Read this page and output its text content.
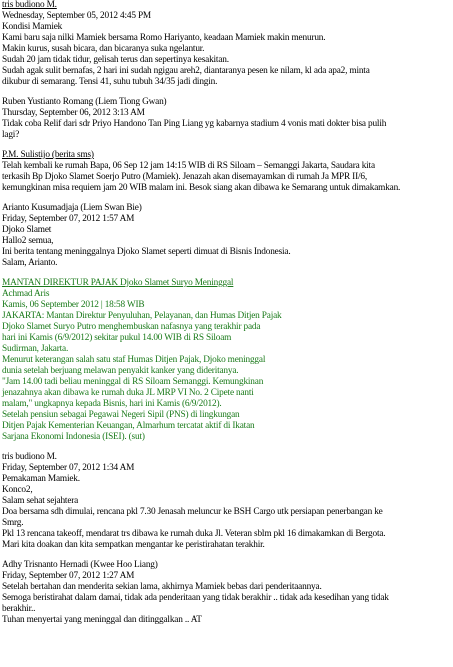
tris budiono M.
Wednesday, September 05, 2012 4:45 PM
Kondisi Mamiek
Kami baru saja nilki Mamiek bersama Romo Hariyanto, keadaan Mamiek makin menurun.
Makin kurus, susah bicara, dan bicaranya suka ngelantur.
Sudah 20 jam tidak tidur, gelisah terus dan sepertinya kesakitan.
Sudah agak sulit bernafas, 2 hari ini sudah ngigau areh2, diantaranya pesen ke nilam, kl ada apa2, minta
dikubur di semarang. Tensi 41, suhu tubuh 34/35 jadi dingin.
Ruben Yustianto Romang (Liem Tiong Gwan)
Thursday, September 06, 2012 3:13 AM
Tidak coba Relif dari sdr Priyo Handono Tan Ping Liang yg kabarnya stadium 4 vonis mati dokter bisa pulih
lagi?
P.M. Sulistijo (berita sms)
Telah kembali ke rumah Bapa, 06 Sep 12 jam 14:15 WIB di RS Siloam – Semanggi Jakarta, Saudara kita
terkasih Bp Djoko Slamet Soerjo Putro (Mamiek). Jenazah akan disemayamkan di rumah Ja MPR II/6,
kemungkinan misa requiem jam 20 WIB malam ini. Besok siang akan dibawa ke Semarang untuk dimakamkan.
Arianto Kusumadjaja (Liem Swan Bie)
Friday, September 07, 2012 1:57 AM
Djoko Slamet
Hallo2 semua,
Ini berita tentang meninggalnya Djoko Slamet seperti dimuat di Bisnis Indonesia.
Salam, Arianto.
MANTAN DIREKTUR PAJAK Djoko Slamet Suryo Meninggal
Achmad Aris
Kamis, 06 September 2012 | 18:58 WIB
JAKARTA: Mantan Direktur Penyuluhan, Pelayanan, dan Humas Ditjen Pajak
Djoko Slamet Suryo Putro menghembuskan nafasnya yang terakhir pada
hari ini Kamis (6/9/2012) sekitar pukul 14.00 WIB di RS Siloam
Sudirman, Jakarta.
Menurut keterangan salah satu staf Humas Ditjen Pajak, Djoko meninggal
dunia setelah berjuang melawan penyakit kanker yang dideritanya.
"Jam 14.00 tadi beliau meninggal di RS Siloam Semanggi. Kemungkinan
jenazahnya akan dibawa ke rumah duka JL MRP VI No. 2 Cipete nanti
malam," ungkapnya kepada Bisnis, hari ini Kamis (6/9/2012).
Setelah pensiun sebagai Pegawai Negeri Sipil (PNS) di lingkungan
Ditjen Pajak Kementerian Keuangan, Almarhum tercatat aktif di Ikatan
Sarjana Ekonomi Indonesia (ISEI). (sut)
tris budiono M.
Friday, September 07, 2012 1:34 AM
Pemakaman Mamiek.
Konco2,
Salam sehat sejahtera
Doa bersama sdh dimulai, rencana pkl 7.30 Jenasah meluncur ke BSH Cargo utk persiapan penerbangan ke
Smrg.
Pkl 13 rencana takeoff, mendarat trs dibawa ke rumah duka Jl. Veteran sblm pkl 16 dimakamkan di Bergota.
Mari kita doakan dan kita sempatkan mengantar ke peristirahatan terakhir.
Adhy Trisnanto Hernadi (Kwee Hoo Liang)
Friday, September 07, 2012 1:27 AM
Setelah bertahan dan menderita sekian lama, akhirnya Mamiek bebas dari penderitaannya.
Semoga beristirahat dalam damai, tidak ada penderitaan yang tidak berakhir .. tidak ada kesedihan yang tidak
berakhir..
Tuhan menyertai yang meninggal dan ditinggalkan .. AT
